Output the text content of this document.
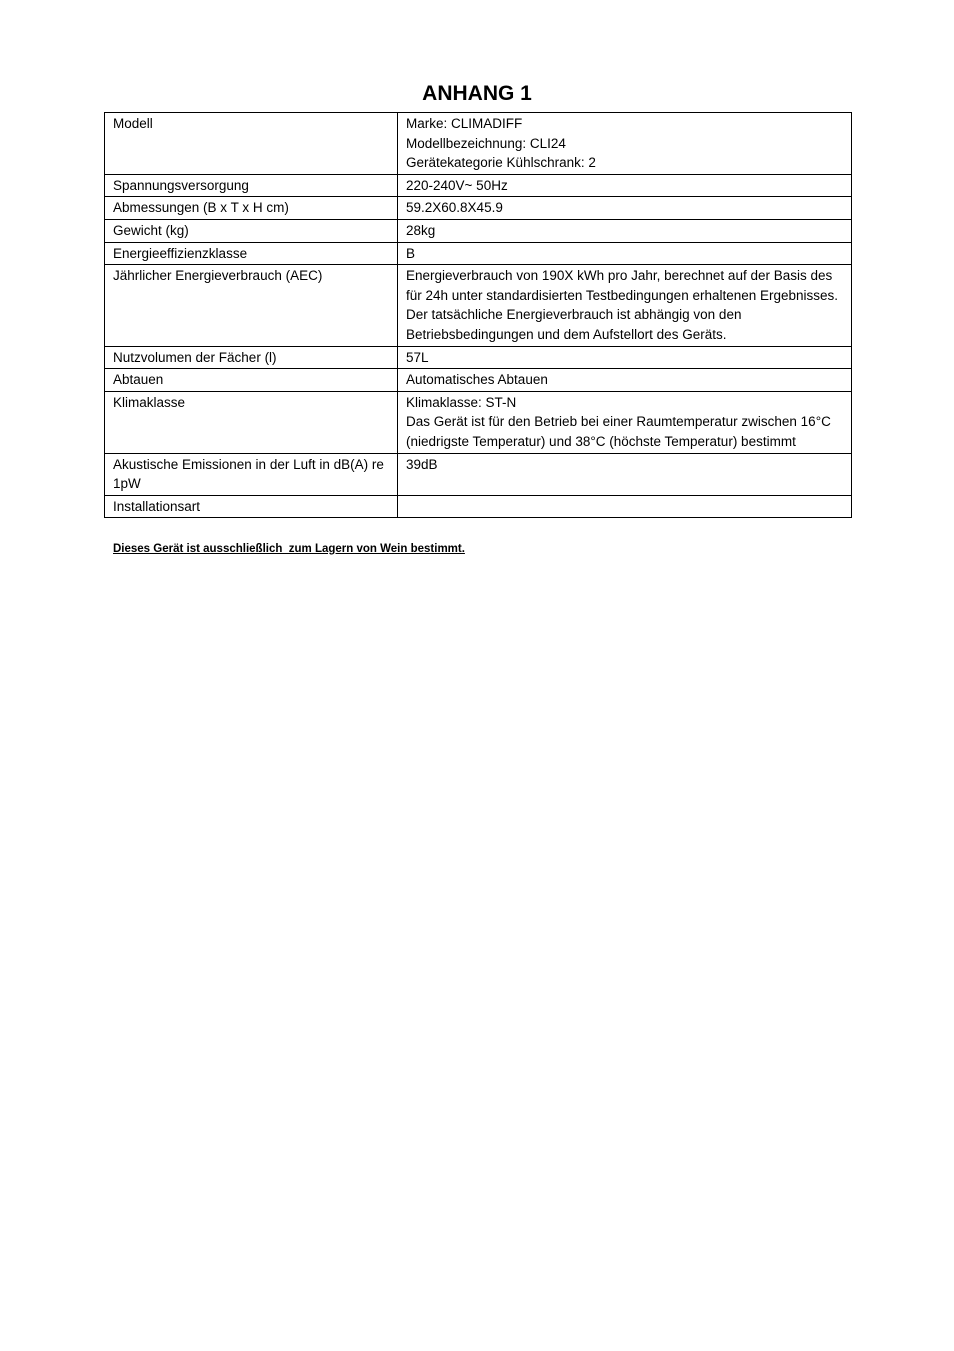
ANHANG 1
Modell	Marke: CLIMADIFF
Modellbezeichnung: CLI24
Gerätekategorie Kühlschrank: 2
Spannungsversorgung	220-240V~ 50Hz
Abmessungen (B x T x H cm)	59.2X60.8X45.9
Gewicht (kg)	28kg
Energieeffizienzklasse	B
Jährlicher Energieverbrauch (AEC)	Energieverbrauch von 190X kWh pro Jahr, berechnet auf der Basis des für 24h unter standardisierten Testbedingungen erhaltenen Ergebnisses. Der tatsächliche Energieverbrauch ist abhängig von den Betriebsbedingungen und dem Aufstellort des Geräts.
Nutzvolumen der Fächer (l)	57L
Abtauen	Automatisches Abtauen
Klimaklasse	Klimaklasse: ST-N
Das Gerät ist für den Betrieb bei einer Raumtemperatur zwischen 16°C (niedrigste Temperatur) und 38°C (höchste Temperatur) bestimmt
Akustische Emissionen in der Luft in dB(A) re 1pW	39dB
Installationsart	
Dieses Gerät ist ausschließlich  zum Lagern von Wein bestimmt.
